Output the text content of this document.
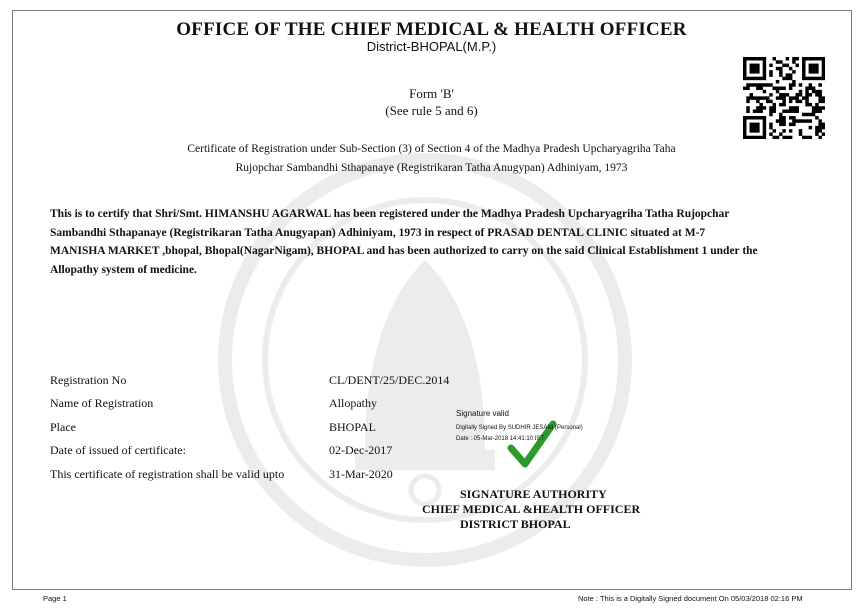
OFFICE OF THE CHIEF MEDICAL & HEALTH OFFICER
District-BHOPAL(M.P.)
Form 'B'
(See rule 5 and 6)
Certificate of Registration under Sub-Section (3) of Section 4 of the Madhya Pradesh Upcharyagriha Taha
Rujopchar Sambandhi Sthapanaye (Registrikaran Tatha Anugypan) Adhiniyam, 1973
This is to certify that Shri/Smt. HIMANSHU AGARWAL has been registered under the Madhya Pradesh Upcharyagriha Tatha Rujopchar
Sambandhi Sthapanaye (Registrikaran Tatha Anugyapan) Adhiniyam, 1973 in respect of PRASAD DENTAL CLINIC situated at M-7
MANISHA MARKET ,bhopal, Bhopal(NagarNigam), BHOPAL and has been authorized to carry on the said Clinical Establishment 1 under the
Allopathy system of medicine.
Registration No	CL/DENT/25/DEC.2014
Name of Registration	Allopathy
Place	BHOPAL
Date of issued of certificate:	02-Dec-2017
This certificate of registration shall be valid upto	31-Mar-2020
Signature valid
Digitally Signed By SUDHIR JESANI (Personal)
Date : 05-Mar-2018 14:41:10 IST
SIGNATURE AUTHORITY
CHIEF MEDICAL &HEALTH OFFICER
DISTRICT BHOPAL
Page 1	Note : This is a Digitally Signed document On 05/03/2018 02:16 PM
